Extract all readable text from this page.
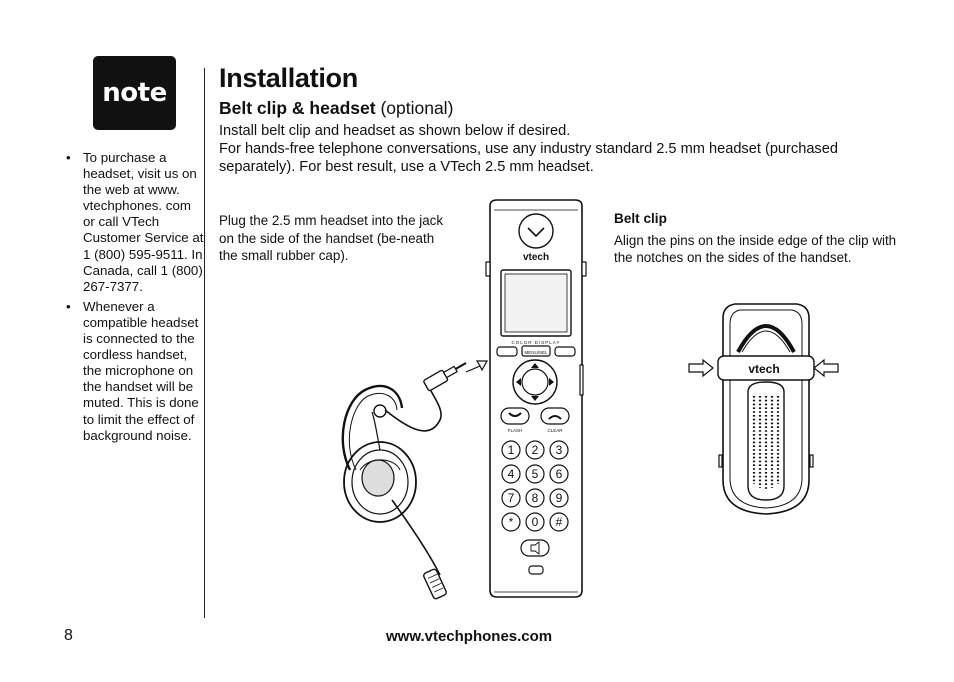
note
• To purchase a headset, visit us on the web at www. vtechphones. com or call VTech Customer Service at 1 (800) 595-9511. In Canada, call 1 (800) 267-7377.
• Whenever a compatible headset is connected to the cordless handset, the microphone on the handset will be muted. This is done to limit the effect of background noise.
Installation
Belt clip & headset (optional)

Install belt clip and headset as shown below if desired.

For hands-free telephone conversations, use any industry standard 2.5 mm headset (purchased separately). For best result, use a VTech 2.5 mm headset.

Plug the 2.5 mm headset into the jack on the side of the handset (be-neath the small rubber cap).
Belt clip
Align the pins on the inside edge of the clip with the notches on the sides of the handset.
vtech
COLOR DISPLAY
MENU/SEL
FLASH	CLEAR
1 2 3
4 5 6
7 8 9
* 0 #
vtech
8	www.vtechphones.com
